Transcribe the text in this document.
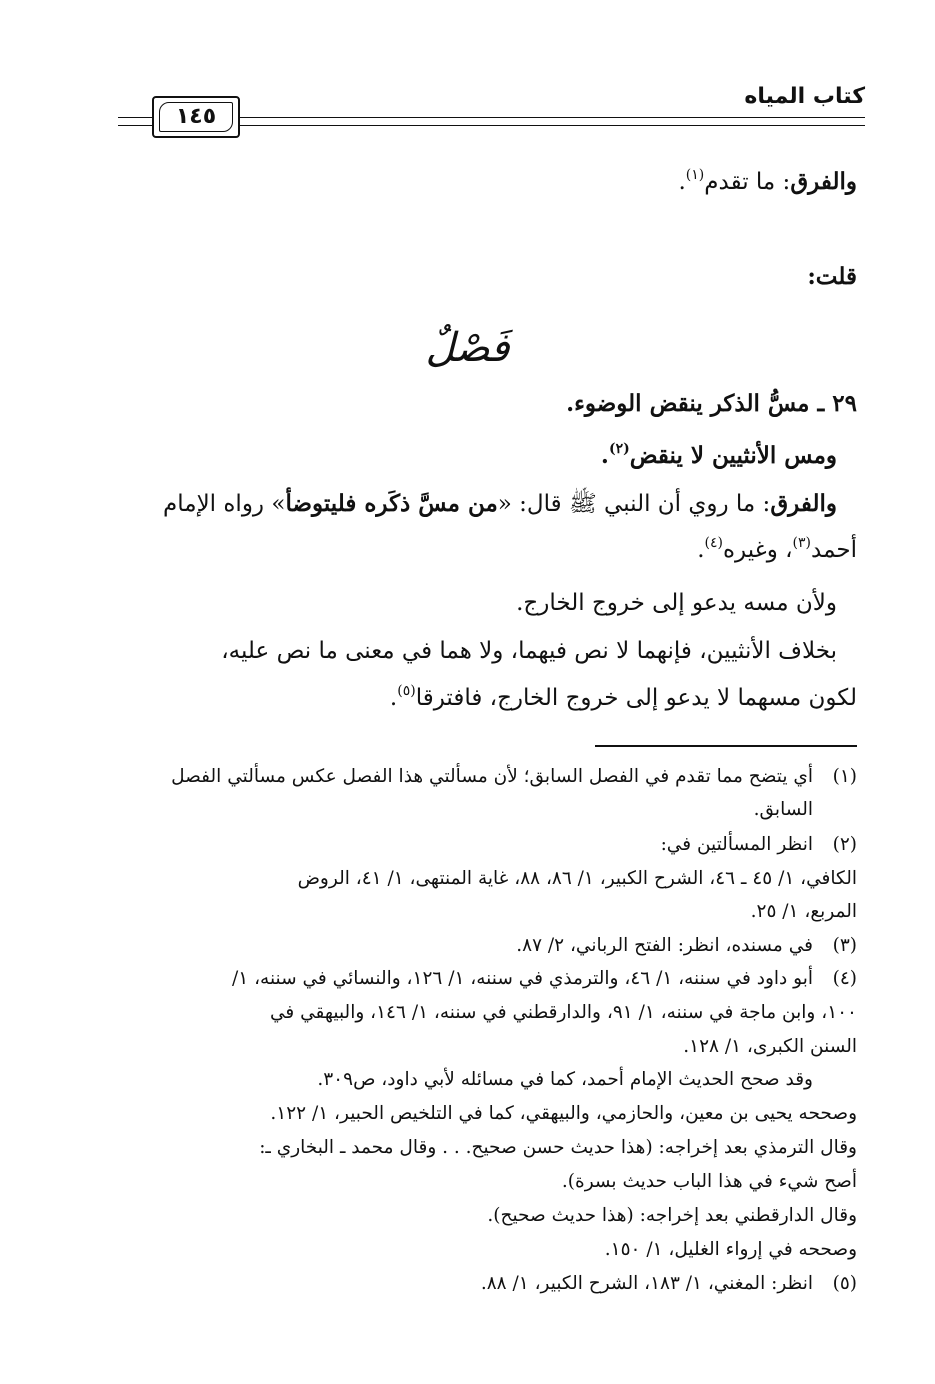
كتاب المياه
١٤٥
والفرق: ما تقدم$^{(١)}$.
قلت:
فَصْلٌ
٢٩ ـ مسُّ الذكر ينقض الوضوء.
ومس الأنثيين لا ينقض$^{(٢)}$.
والفرق: ما روي أن النبي ﷺ قال: «من مسَّ ذكَره فليتوضأ» رواه الإمام
أحمد$^{(٣)}$، وغيره$^{(٤)}$.
ولأن مسه يدعو إلى خروج الخارج.
بخلاف الأنثيين، فإنهما لا نص فيهما، ولا هما في معنى ما نص عليه،
لكون مسهما لا يدعو إلى خروج الخارج، فافترقا$^{(٥)}$.
(١)أي يتضح مما تقدم في الفصل السابق؛ لأن مسألتي هذا الفصل عكس مسألتي الفصل
السابق.
(٢)انظر المسألتين في:
الكافي، ١/ ٤٥ ـ ٤٦، الشرح الكبير، ١/ ٨٦، ٨٨، غاية المنتهى، ١/ ٤١، الروض
المربع، ١/ ٢٥.
(٣)في مسنده، انظر: الفتح الرباني، ٢/ ٨٧.
(٤)أبو داود في سننه، ١/ ٤٦، والترمذي في سننه، ١/ ١٢٦، والنسائي في سننه، ١/
١٠٠، وابن ماجة في سننه، ١/ ٩١، والدارقطني في سننه، ١/ ١٤٦، والبيهقي في
السنن الكبرى، ١/ ١٢٨.
وقد صحح الحديث الإمام أحمد، كما في مسائله لأبي داود، ص٣٠٩.
وصححه يحيى بن معين، والحازمي، والبيهقي، كما في التلخيص الحبير، ١/ ١٢٢.
وقال الترمذي بعد إخراجه: (هذا حديث حسن صحيح. . . وقال محمد ـ البخاري ـ:
أصح شيء في هذا الباب حديث بسرة).
وقال الدارقطني بعد إخراجه: (هذا حديث صحيح).
وصححه في إرواء الغليل، ١/ ١٥٠.
(٥)انظر: المغني، ١/ ١٨٣، الشرح الكبير، ١/ ٨٨.
